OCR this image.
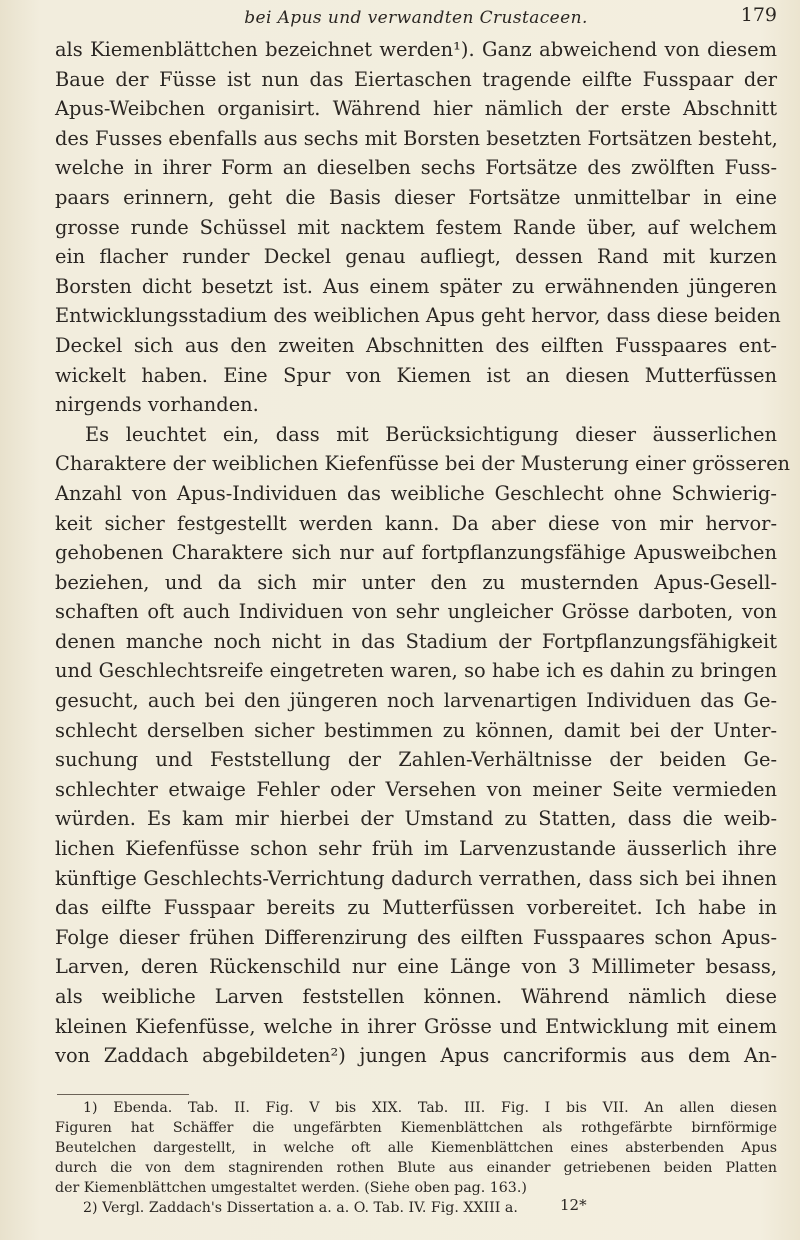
bei Apus und verwandten Crustaceen.	179
als Kiemenblättchen bezeichnet werden¹). Ganz abweichend von diesem
Baue der Füsse ist nun das Eiertaschen tragende eilfte Fusspaar der
Apus-Weibchen organisirt. Während hier nämlich der erste Abschnitt
des Fusses ebenfalls aus sechs mit Borsten besetzten Fortsätzen besteht,
welche in ihrer Form an dieselben sechs Fortsätze des zwölften Fuss-
paars erinnern, geht die Basis dieser Fortsätze unmittelbar in eine
grosse runde Schüssel mit nacktem festem Rande über, auf welchem
ein flacher runder Deckel genau aufliegt, dessen Rand mit kurzen
Borsten dicht besetzt ist. Aus einem später zu erwähnenden jüngeren
Entwicklungsstadium des weiblichen Apus geht hervor, dass diese beiden
Deckel sich aus den zweiten Abschnitten des eilften Fusspaares ent-
wickelt haben. Eine Spur von Kiemen ist an diesen Mutterfüssen
nirgends vorhanden.
Es leuchtet ein, dass mit Berücksichtigung dieser äusserlichen
Charaktere der weiblichen Kiefenfüsse bei der Musterung einer grösseren
Anzahl von Apus-Individuen das weibliche Geschlecht ohne Schwierig-
keit sicher festgestellt werden kann. Da aber diese von mir hervor-
gehobenen Charaktere sich nur auf fortpflanzungsfähige Apusweibchen
beziehen, und da sich mir unter den zu musternden Apus-Gesell-
schaften oft auch Individuen von sehr ungleicher Grösse darboten, von
denen manche noch nicht in das Stadium der Fortpflanzungsfähigkeit
und Geschlechtsreife eingetreten waren, so habe ich es dahin zu bringen
gesucht, auch bei den jüngeren noch larvenartigen Individuen das Ge-
schlecht derselben sicher bestimmen zu können, damit bei der Unter-
suchung und Feststellung der Zahlen-Verhältnisse der beiden Ge-
schlechter etwaige Fehler oder Versehen von meiner Seite vermieden
würden. Es kam mir hierbei der Umstand zu Statten, dass die weib-
lichen Kiefenfüsse schon sehr früh im Larvenzustande äusserlich ihre
künftige Geschlechts-Verrichtung dadurch verrathen, dass sich bei ihnen
das eilfte Fusspaar bereits zu Mutterfüssen vorbereitet. Ich habe in
Folge dieser frühen Differenzirung des eilften Fusspaares schon Apus-
Larven, deren Rückenschild nur eine Länge von 3 Millimeter besass,
als weibliche Larven feststellen können. Während nämlich diese
kleinen Kiefenfüsse, welche in ihrer Grösse und Entwicklung mit einem
von Zaddach abgebildeten²) jungen Apus cancriformis aus dem An-
1) Ebenda. Tab. II. Fig. V bis XIX. Tab. III. Fig. I bis VII. An allen diesen
Figuren hat Schäffer die ungefärbten Kiemenblättchen als rothgefärbte birnförmige
Beutelchen dargestellt, in welche oft alle Kiemenblättchen eines absterbenden Apus
durch die von dem stagnirenden rothen Blute aus einander getriebenen beiden Platten
der Kiemenblättchen umgestaltet werden. (Siehe oben pag. 163.)
2) Vergl. Zaddach's Dissertation a. a. O. Tab. IV. Fig. XXIII a.	12*
